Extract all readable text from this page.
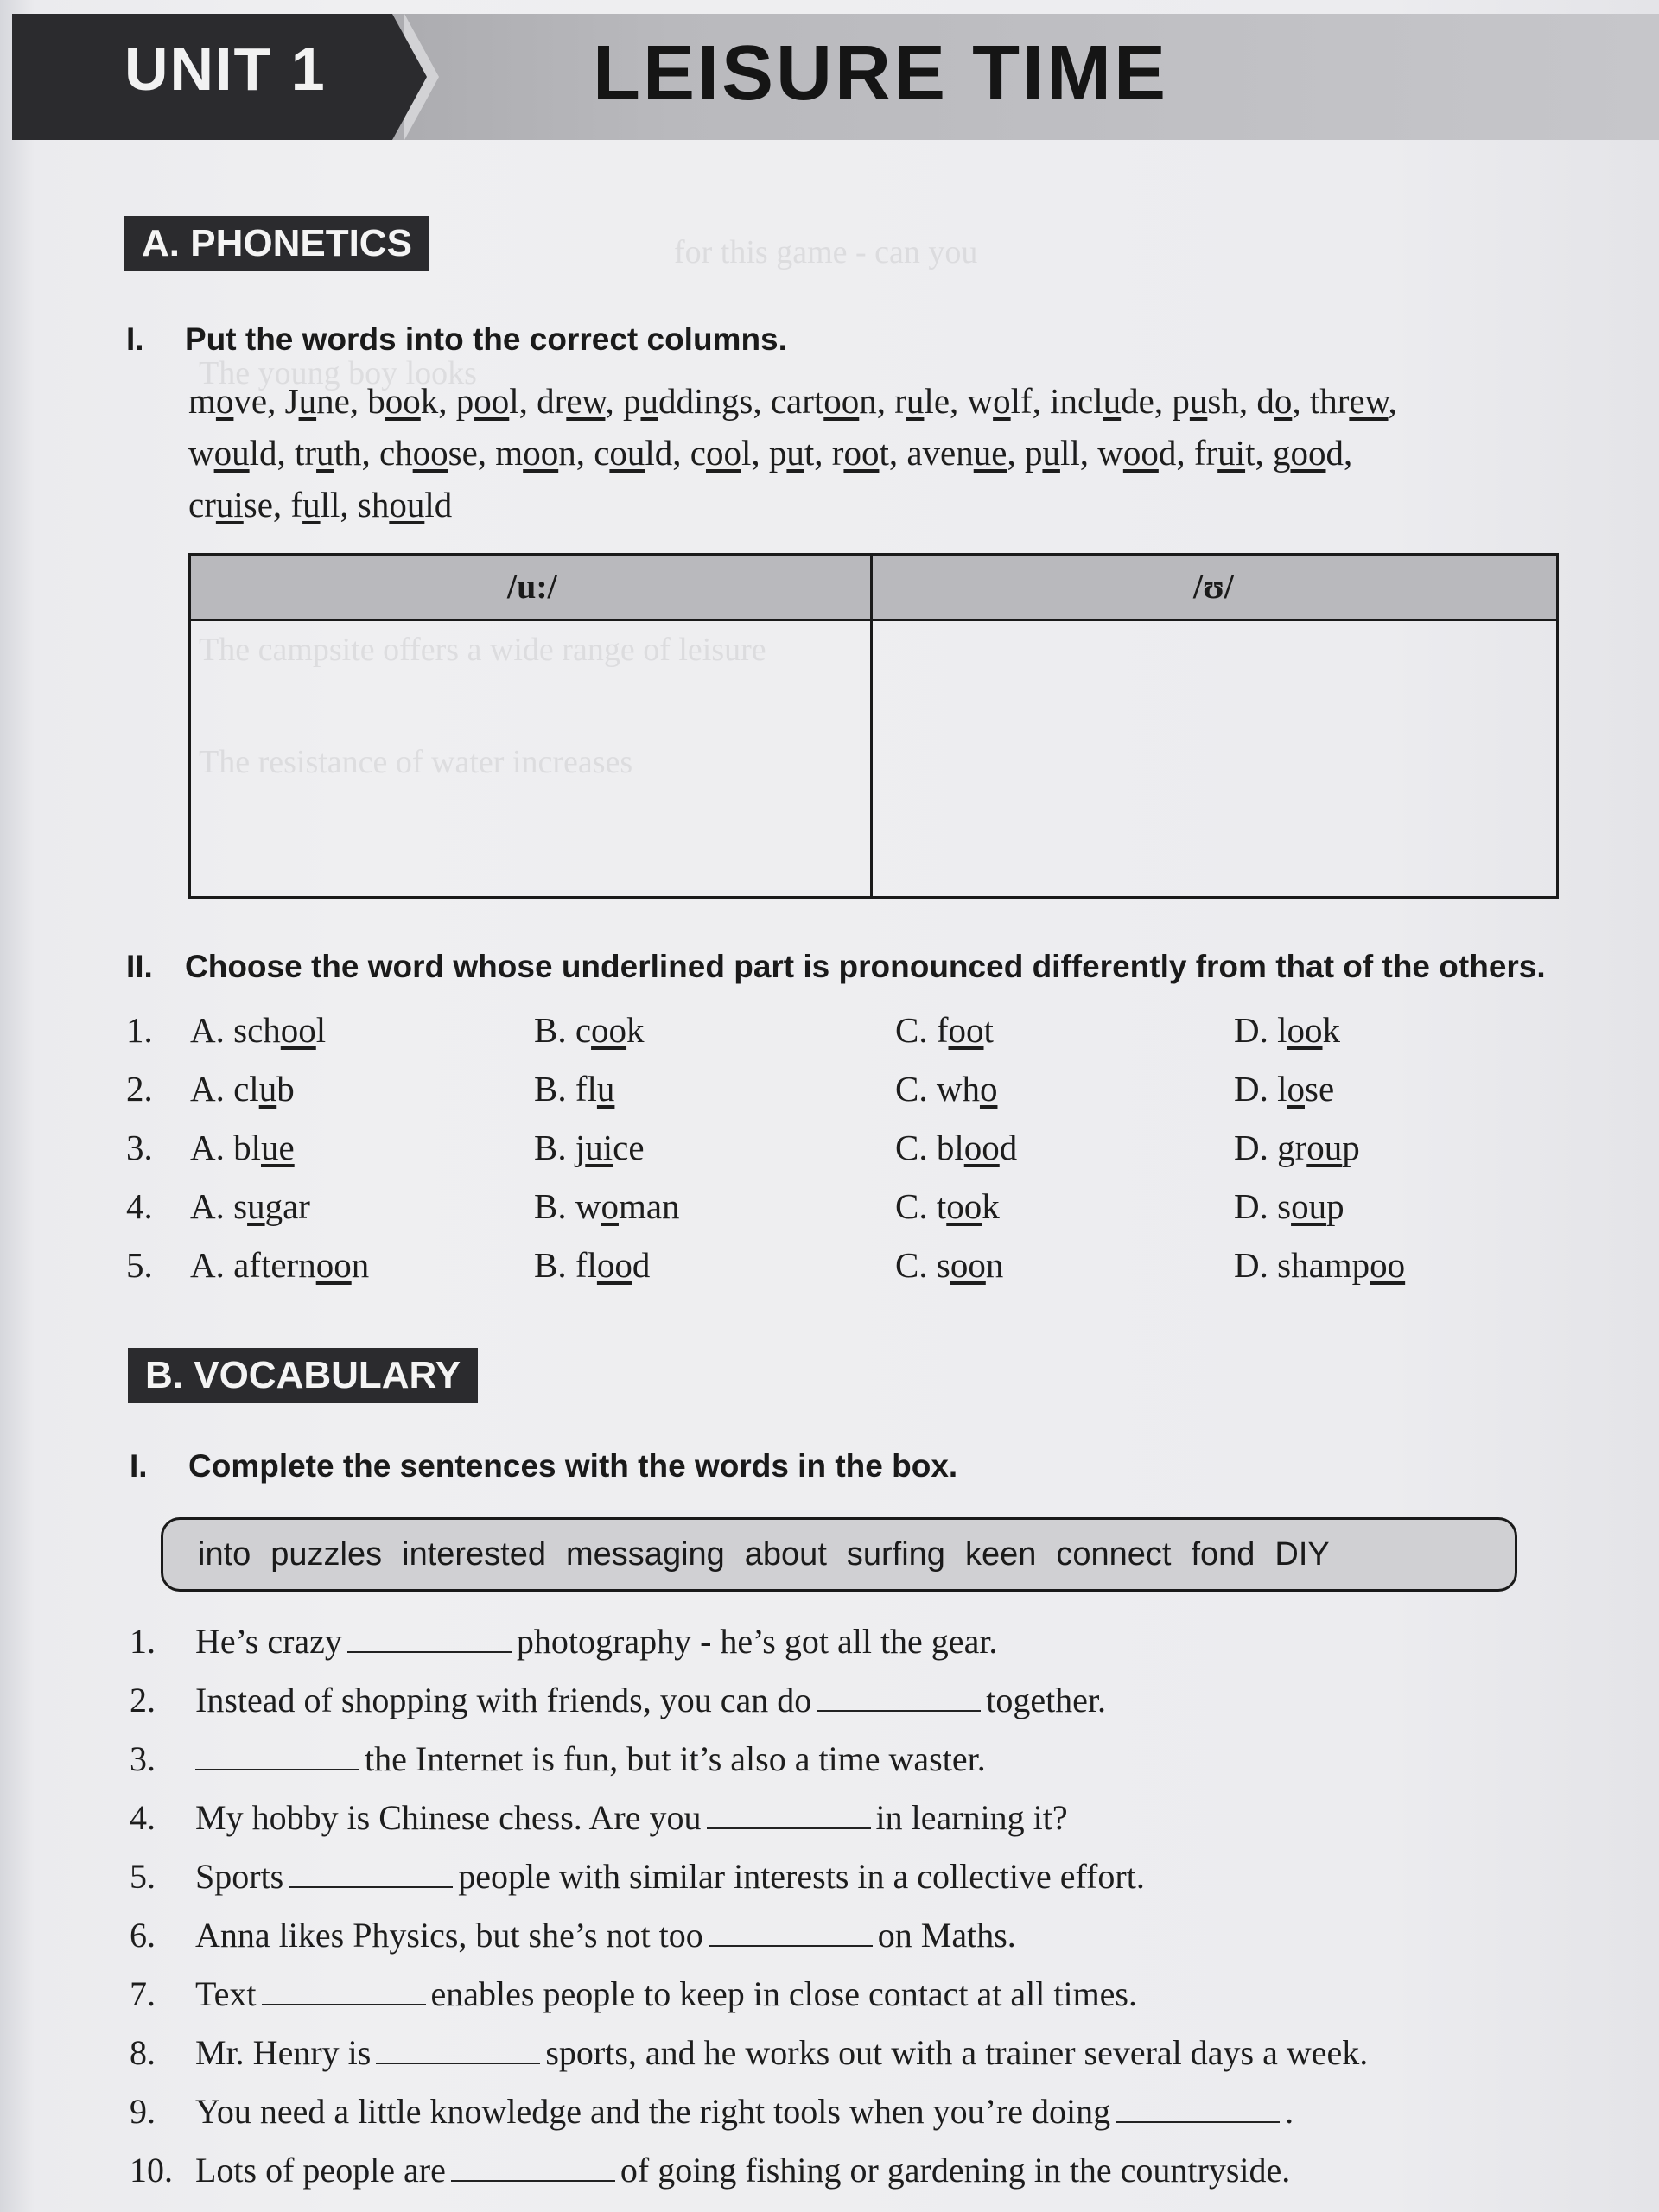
for this game - can you
The young boy looks
The campsite offers a wide range of leisure
The resistance of water increases
UNIT 1	LEISURE TIME
A. PHONETICS
I. Put the words into the correct columns.
move, June, book, pool, drew, puddings, cartoon, rule, wolf, include, push, do, threw,
would, truth, choose, moon, could, cool, put, root, avenue, pull, wood, fruit, good,
cruise, full, should
/u:/	/ʊ/
II. Choose the word whose underlined part is pronounced differently from that of the others.
1. A. school	B. cook	C. foot	D. look
2. A. club	B. flu	C. who	D. lose
3. A. blue	B. juice	C. blood	D. group
4. A. sugar	B. woman	C. took	D. soup
5. A. afternoon	B. flood	C. soon	D. shampoo
B. VOCABULARY
I. Complete the sentences with the words in the box.
into puzzles interested messaging about surfing keen connect fond DIY
1. He’s crazy	photography - he’s got all the gear.
2. Instead of shopping with friends, you can do	together.
3.	the Internet is fun, but it’s also a time waster.
4. My hobby is Chinese chess. Are you	in learning it?
5. Sports	people with similar interests in a collective effort.
6. Anna likes Physics, but she’s not too	on Maths.
7. Text	enables people to keep in close contact at all times.
8. Mr. Henry is	sports, and he works out with a trainer several days a week.
9. You need a little knowledge and the right tools when you’re doing	.
10. Lots of people are	of going fishing or gardening in the countryside.
